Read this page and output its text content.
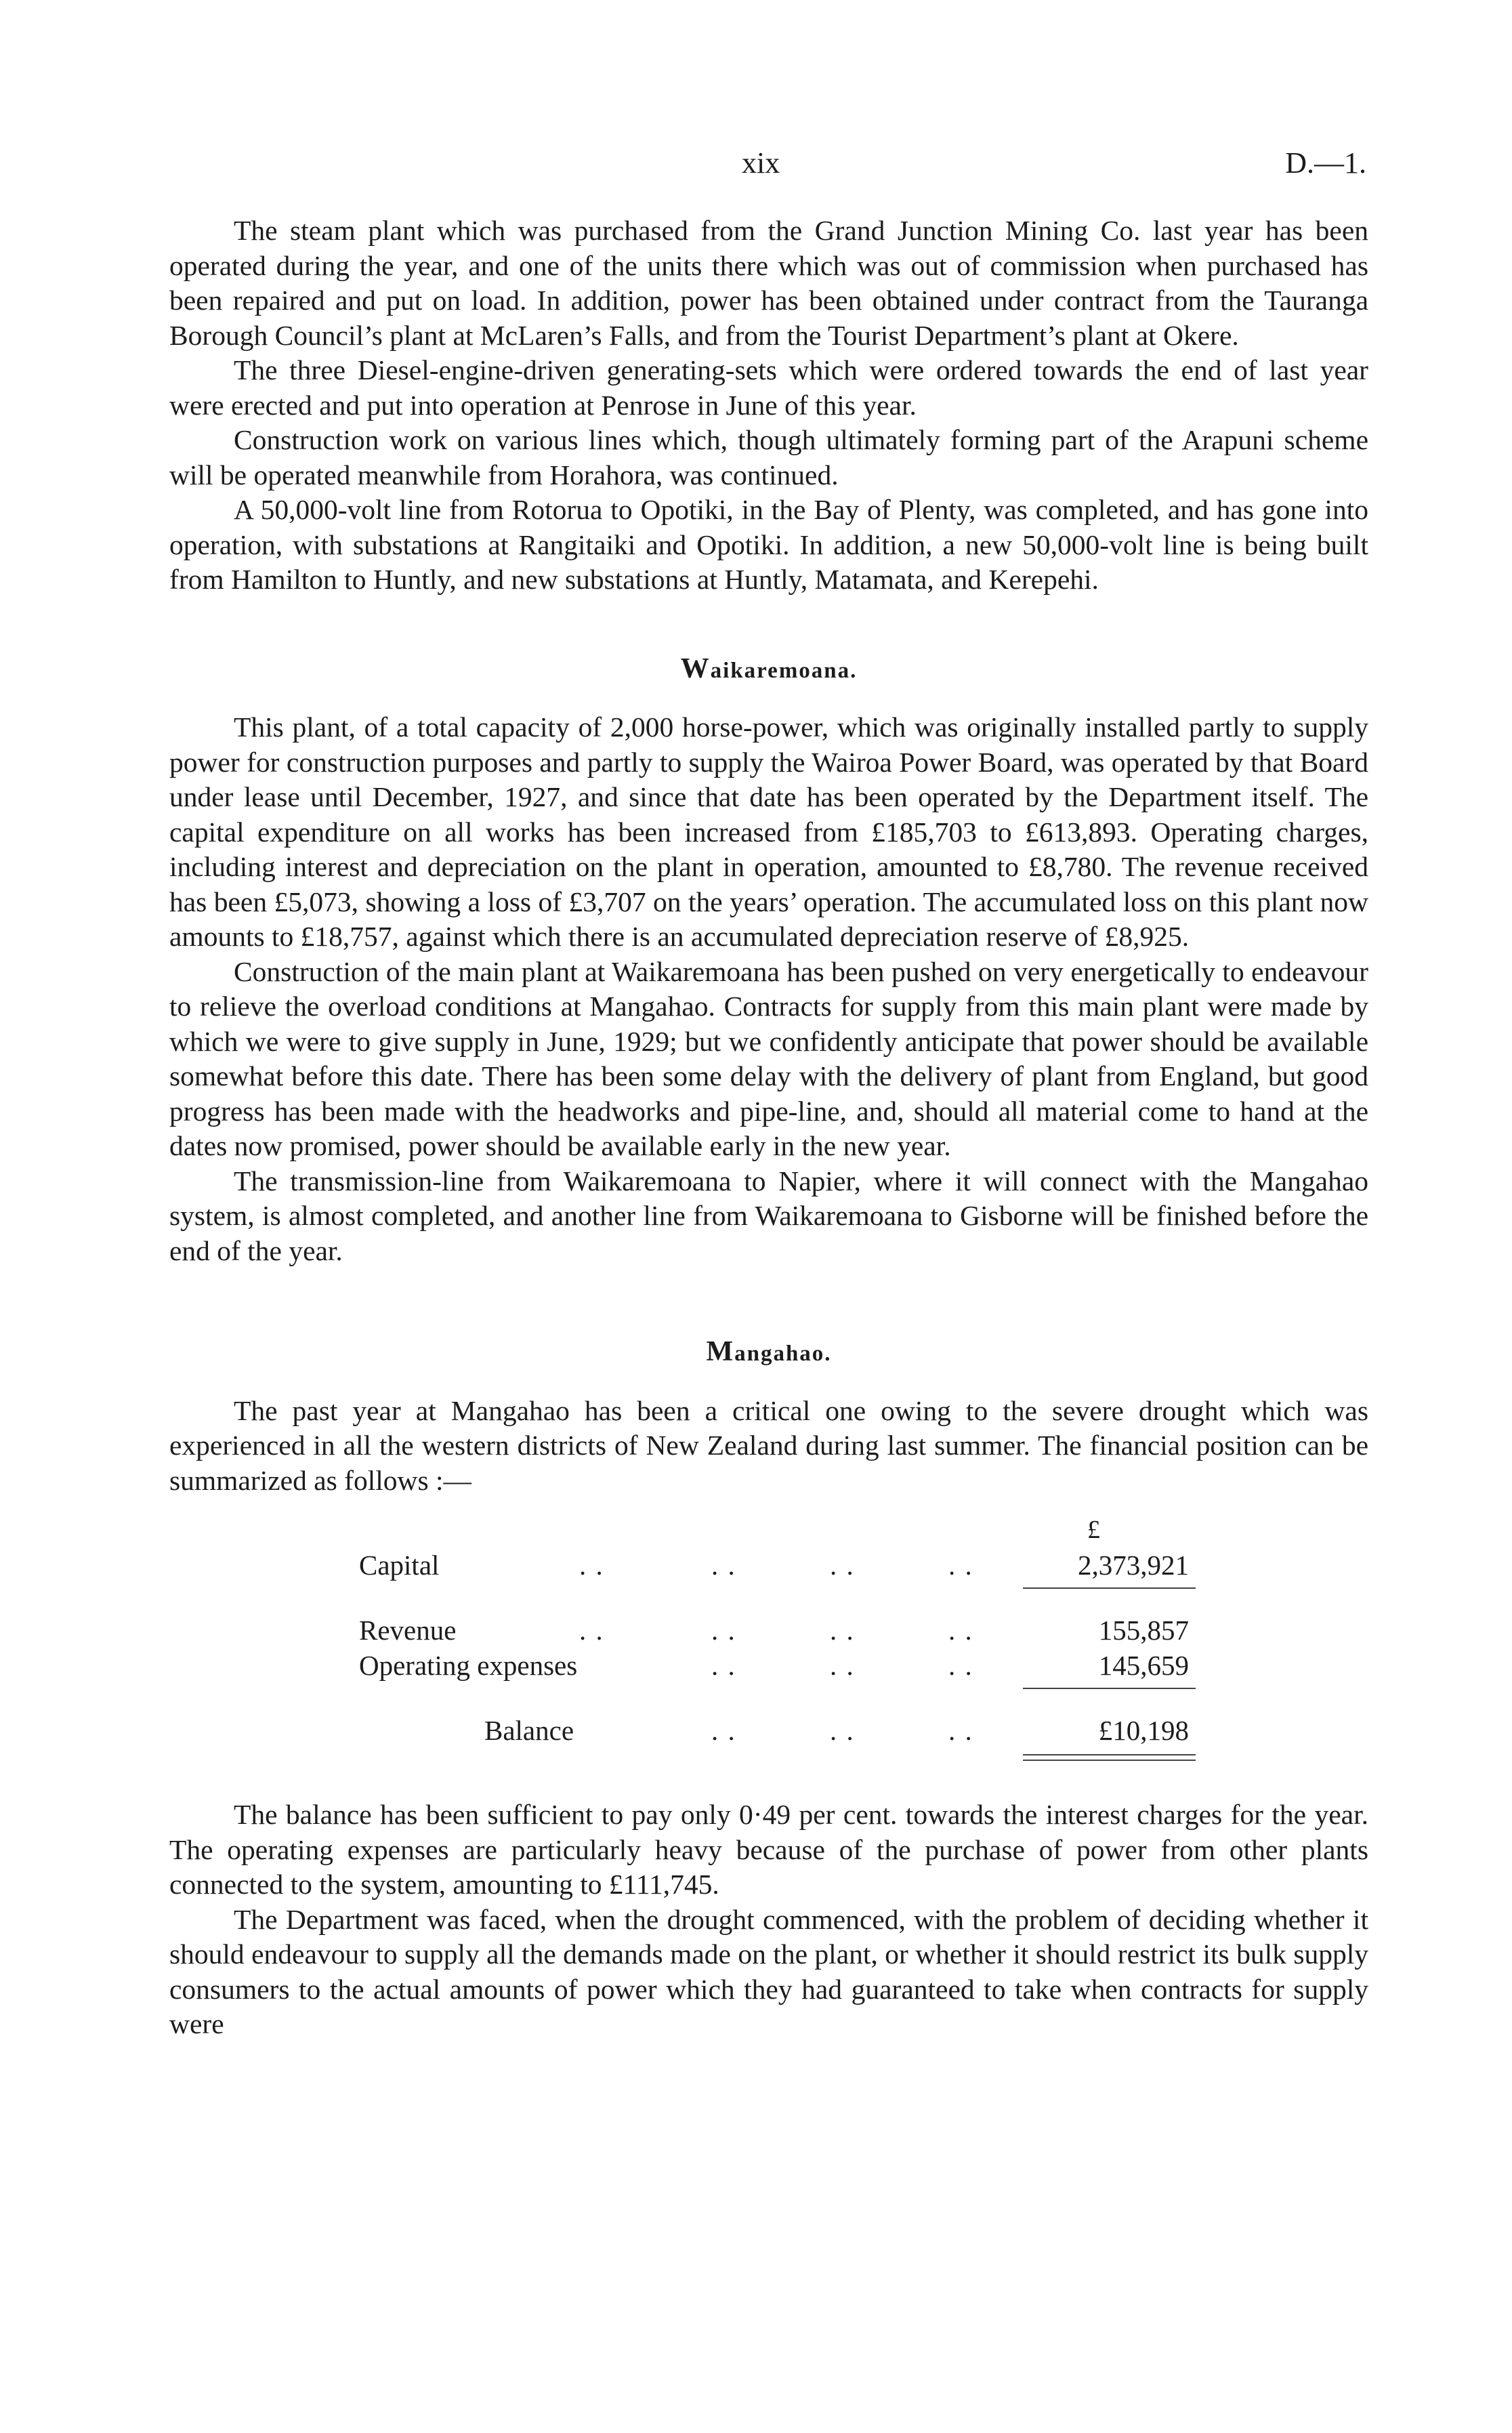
xix	D.—1.

The steam plant which was purchased from the Grand Junction Mining Co. last year has been operated during the year, and one of the units there which was out of commission when purchased has been repaired and put on load. In addition, power has been obtained under contract from the Tauranga Borough Council’s plant at McLaren’s Falls, and from the Tourist Department’s plant at Okere.

The three Diesel-engine-driven generating-sets which were ordered towards the end of last year were erected and put into operation at Penrose in June of this year.

Construction work on various lines which, though ultimately forming part of the Arapuni scheme will be operated meanwhile from Horahora, was continued.

A 50,000-volt line from Rotorua to Opotiki, in the Bay of Plenty, was completed, and has gone into operation, with substations at Rangitaiki and Opotiki. In addition, a new 50,000-volt line is being built from Hamilton to Huntly, and new substations at Huntly, Matamata, and Kerepehi.

Waikaremoana.

This plant, of a total capacity of 2,000 horse-power, which was originally installed partly to supply power for construction purposes and partly to supply the Wairoa Power Board, was operated by that Board under lease until December, 1927, and since that date has been operated by the Department itself. The capital expenditure on all works has been increased from £185,703 to £613,893. Operating charges, including interest and depreciation on the plant in operation, amounted to £8,780. The revenue received has been £5,073, showing a loss of £3,707 on the years’ operation. The accumulated loss on this plant now amounts to £18,757, against which there is an accumulated depreciation reserve of £8,925.

Construction of the main plant at Waikaremoana has been pushed on very energetically to endeavour to relieve the overload conditions at Mangahao. Contracts for supply from this main plant were made by which we were to give supply in June, 1929; but we confidently anticipate that power should be available somewhat before this date. There has been some delay with the delivery of plant from England, but good progress has been made with the headworks and pipe-line, and, should all material come to hand at the dates now promised, power should be available early in the new year.

The transmission-line from Waikaremoana to Napier, where it will connect with the Mangahao system, is almost completed, and another line from Waikaremoana to Gisborne will be finished before the end of the year.

Mangahao.

The past year at Mangahao has been a critical one owing to the severe drought which was experienced in all the western districts of New Zealand during last summer. The financial position can be summarized as follows :—

£
Capital	. .	. .	. .	. .	2,373,921
Revenue	. .	. .	. .	. .	155,857
Operating expenses	. .	. .	. .	145,659
Balance	. .	. .	. .	£10,198

The balance has been sufficient to pay only 0·49 per cent. towards the interest charges for the year. The operating expenses are particularly heavy because of the purchase of power from other plants connected to the system, amounting to £111,745.

The Department was faced, when the drought commenced, with the problem of deciding whether it should endeavour to supply all the demands made on the plant, or whether it should restrict its bulk supply consumers to the actual amounts of power which they had guaranteed to take when contracts for supply were
